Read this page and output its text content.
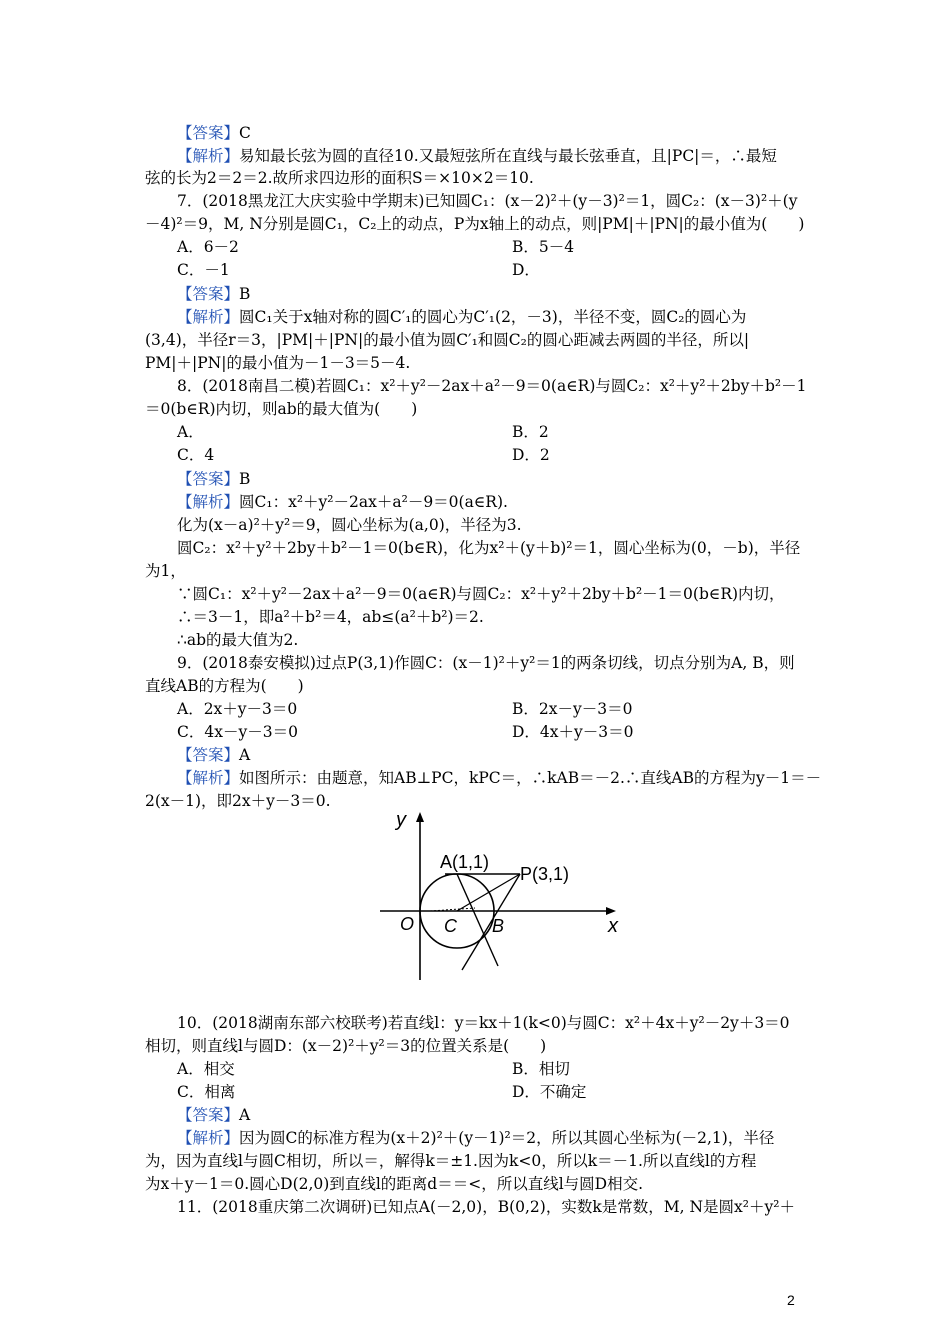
【答案】C
【解析】易知最长弦为圆的直径10.又最短弦所在直线与最长弦垂直，且|PC|＝，∴最短
弦的长为2＝2＝2.故所求四边形的面积S＝×10×2＝10.
7．(2018黑龙江大庆实验中学期末)已知圆C₁：(x－2)²＋(y－3)²＝1，圆C₂：(x－3)²＋(y
－4)²＝9，M, N分别是圆C₁，C₂上的动点，P为x轴上的动点，则|PM|＋|PN|的最小值为(　　)
【答案】B
【解析】圆C₁关于x轴对称的圆C′₁的圆心为C′₁(2，－3)，半径不变，圆C₂的圆心为
(3,4)，半径r＝3，|PM|＋|PN|的最小值为圆C′₁和圆C₂的圆心距减去两圆的半径，所以|
PM|＋|PN|的最小值为－1－3＝5－4.
8．(2018南昌二模)若圆C₁：x²＋y²－2ax＋a²－9＝0(a∈R)与圆C₂：x²＋y²＋2by＋b²－1
＝0(b∈R)内切，则ab的最大值为(　　)
【答案】B
【解析】圆C₁：x²＋y²－2ax＋a²－9＝0(a∈R).
化为(x－a)²＋y²＝9，圆心坐标为(a,0)，半径为3.
圆C₂：x²＋y²＋2by＋b²－1＝0(b∈R)，化为x²＋(y＋b)²＝1，圆心坐标为(0，－b)，半径
为1，
∵圆C₁：x²＋y²－2ax＋a²－9＝0(a∈R)与圆C₂：x²＋y²＋2by＋b²－1＝0(b∈R)内切，
∴＝3－1，即a²＋b²＝4，ab≤(a²＋b²)＝2.
∴ab的最大值为2.
9．(2018泰安模拟)过点P(3,1)作圆C：(x－1)²＋y²＝1的两条切线，切点分别为A, B，则
直线AB的方程为(　　)
【答案】A
【解析】如图所示：由题意，知AB⊥PC，kPC＝，∴kAB＝－2.∴直线AB的方程为y－1＝－
2(x－1)，即2x＋y－3＝0.
10．(2018湖南东部六校联考)若直线l：y＝kx＋1(k<0)与圆C：x²＋4x＋y²－2y＋3＝0
相切，则直线l与圆D：(x－2)²＋y²＝3的位置关系是(　　)
【答案】A
【解析】因为圆C的标准方程为(x＋2)²＋(y－1)²＝2，所以其圆心坐标为(－2,1)，半径
为，因为直线l与圆C相切，所以＝，解得k＝±1.因为k<0，所以k＝－1.所以直线l的方程
为x＋y－1＝0.圆心D(2,0)到直线l的距离d＝＝<，所以直线l与圆D相交.
11．(2018重庆第二次调研)已知点A(－2,0)，B(0,2)，实数k是常数，M, N是圆x²＋y²＋
A．6－2	B．5－4
C．－1	D．
A．	B．2
C．4	D．2
A．2x＋y－3＝0	B．2x－y－3＝0
C．4x－y－3＝0	D．4x＋y－3＝0
A．相交	B．相切
C．相离	D．不确定
y
x
O
A(1,1)
P(3,1)
C B
2
